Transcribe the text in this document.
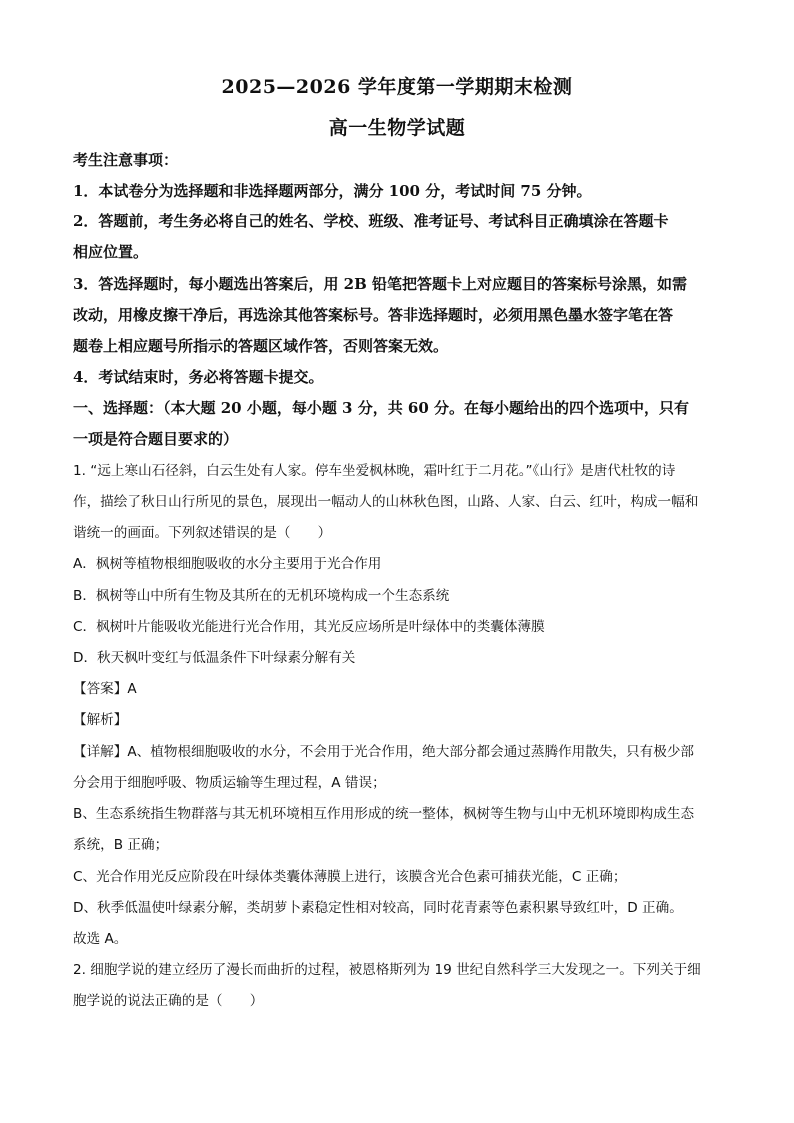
2025—2026 学年度第一学期期末检测
高一生物学试题
考生注意事项：
1．本试卷分为选择题和非选择题两部分，满分 100 分，考试时间 75 分钟。
2．答题前，考生务必将自己的姓名、学校、班级、准考证号、考试科目正确填涂在答题卡
相应位置。
3．答选择题时，每小题选出答案后，用 2B 铅笔把答题卡上对应题目的答案标号涂黑，如需
改动，用橡皮擦干净后，再选涂其他答案标号。答非选择题时，必须用黑色墨水签字笔在答
题卷上相应题号所指示的答题区域作答，否则答案无效。
4．考试结束时，务必将答题卡提交。
一、选择题：（本大题 20 小题，每小题 3 分，共 60 分。在每小题给出的四个选项中，只有
一项是符合题目要求的）
1. “远上寒山石径斜，白云生处有人家。停车坐爱枫林晚，霜叶红于二月花。”《山行》是唐代杜牧的诗
作，描绘了秋日山行所见的景色，展现出一幅动人的山林秋色图，山路、人家、白云、红叶，构成一幅和
谐统一的画面。下列叙述错误的是（　　）
A．枫树等植物根细胞吸收的水分主要用于光合作用
B．枫树等山中所有生物及其所在的无机环境构成一个生态系统
C．枫树叶片能吸收光能进行光合作用，其光反应场所是叶绿体中的类囊体薄膜
D．秋天枫叶变红与低温条件下叶绿素分解有关
【答案】A
【解析】
【详解】A、植物根细胞吸收的水分，不会用于光合作用，绝大部分都会通过蒸腾作用散失，只有极少部
分会用于细胞呼吸、物质运输等生理过程，A 错误；
B、生态系统指生物群落与其无机环境相互作用形成的统一整体，枫树等生物与山中无机环境即构成生态
系统，B 正确；
C、光合作用光反应阶段在叶绿体类囊体薄膜上进行，该膜含光合色素可捕获光能，C 正确；
D、秋季低温使叶绿素分解，类胡萝卜素稳定性相对较高，同时花青素等色素积累导致红叶，D 正确。
故选 A。
2. 细胞学说的建立经历了漫长而曲折的过程，被恩格斯列为 19 世纪自然科学三大发现之一。下列关于细
胞学说的说法正确的是（　　）
